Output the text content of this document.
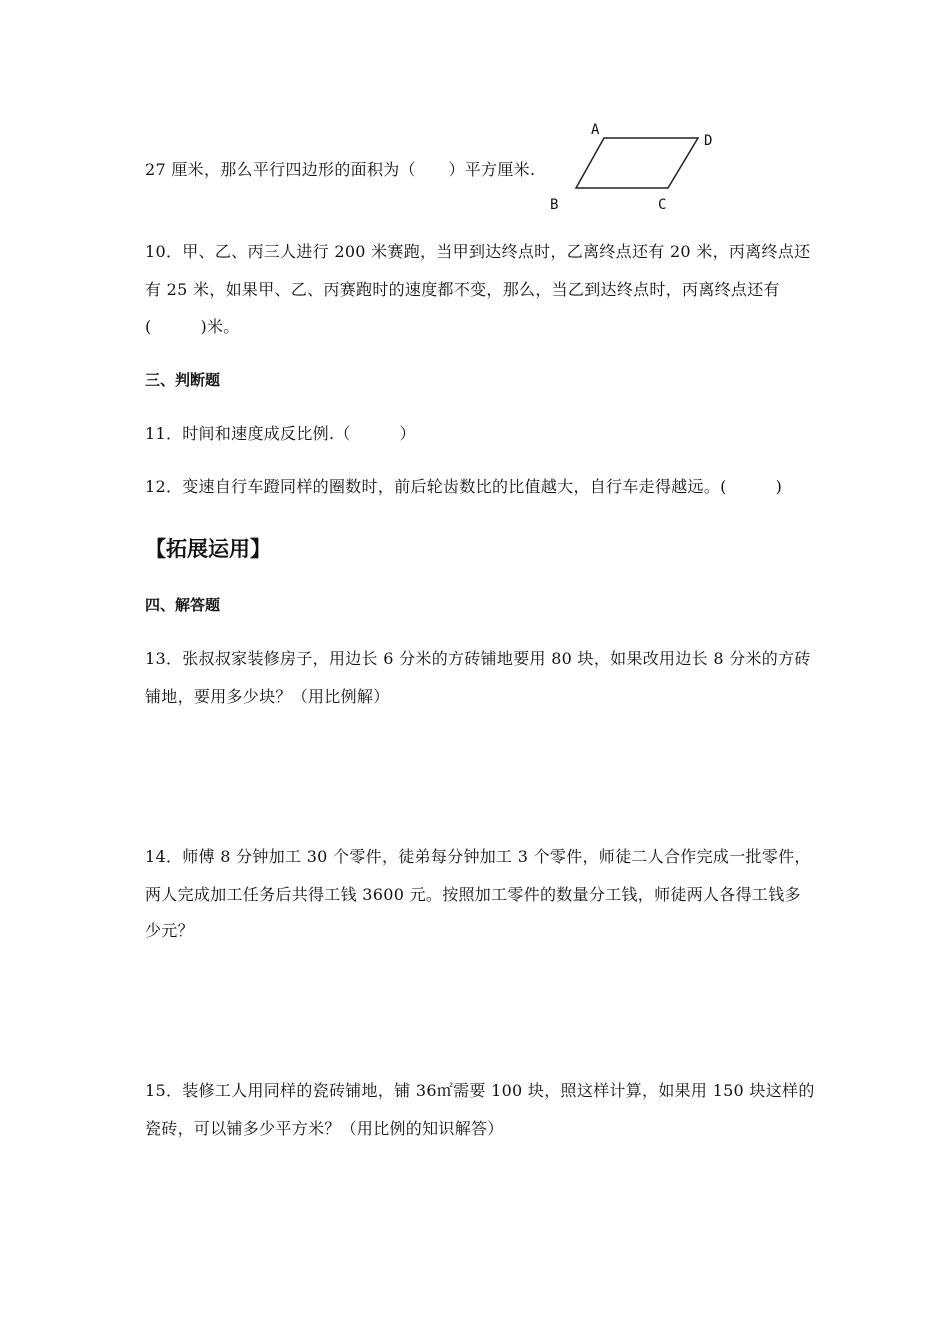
27 厘米，那么平行四边形的面积为（　　）平方厘米.
A
D
B	C
10．甲、乙、丙三人进行 200 米赛跑，当甲到达终点时，乙离终点还有 20 米，丙离终点还
有 25 米，如果甲、乙、丙赛跑时的速度都不变，那么，当乙到达终点时，丙离终点还有
(　　　)米。
三、判断题
11．时间和速度成反比例.（　　　）
12．变速自行车蹬同样的圈数时，前后轮齿数比的比值越大，自行车走得越远。(　　　)
【拓展运用】
四、解答题
13．张叔叔家装修房子，用边长 6 分米的方砖铺地要用 80 块，如果改用边长 8 分米的方砖
铺地，要用多少块？（用比例解）
14．师傅 8 分钟加工 30 个零件，徒弟每分钟加工 3 个零件，师徒二人合作完成一批零件，
两人完成加工任务后共得工钱 3600 元。按照加工零件的数量分工钱，师徒两人各得工钱多
少元？
15．装修工人用同样的瓷砖铺地，铺 36㎡需要 100 块，照这样计算，如果用 150 块这样的
瓷砖，可以铺多少平方米？（用比例的知识解答）
